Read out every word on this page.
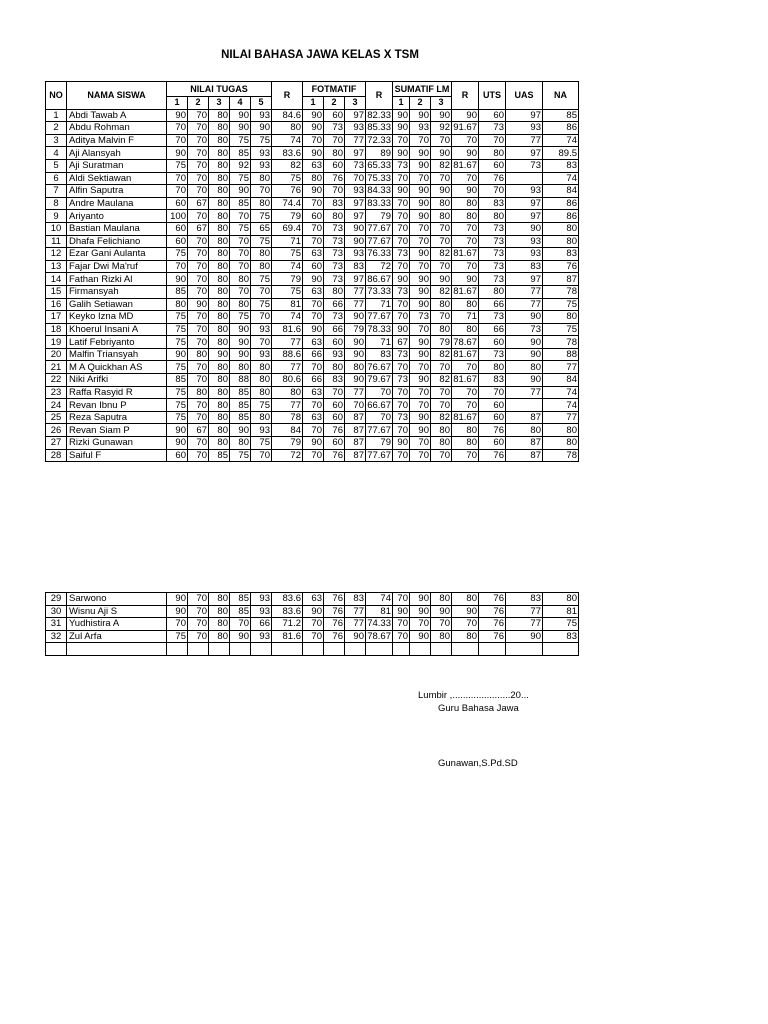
NILAI BAHASA JAWA KELAS X TSM
NO	NAMA SISWA	NILAI TUGAS					R	FOTMATIF			R	SUMATIF LM			R	UTS	UAS	NA
		1	2	3	4	5		1	2	3		1	2	3				
1	Abdi Tawab A	90	70	80	90	93	84.6	90	60	97	82.33	90	90	90	90	60	97	85
2	Abdu Rohman	70	70	80	90	90	80	90	73	93	85.33	90	93	92	91.67	73	93	86
3	Aditya Malvin F	70	70	80	75	75	74	70	70	77	72.33	70	70	70	70	70	77	74
4	Aji Alansyah	90	70	80	85	93	83.6	90	80	97	89	90	90	90	90	80	97	89.5
5	Aji Suratman	75	70	80	92	93	82	63	60	73	65.33	73	90	82	81.67	60	73	83
6	Aldi Sektiawan	70	70	80	75	80	75	80	76	70	75.33	70	70	70	70	76		74
7	Alfin Saputra	70	70	80	90	70	76	90	70	93	84.33	90	90	90	90	70	93	84
8	Andre Maulana	60	67	80	85	80	74.4	70	83	97	83.33	70	90	80	80	83	97	86
9	Ariyanto	100	70	80	70	75	79	60	80	97	79	70	90	80	80	80	97	86
10	Bastian Maulana	60	67	80	75	65	69.4	70	73	90	77.67	70	70	70	70	73	90	80
11	Dhafa Felichiano	60	70	80	70	75	71	70	73	90	77.67	70	70	70	70	73	93	80
12	Ezar Gani Aulanta	75	70	80	70	80	75	63	73	93	76.33	73	90	82	81.67	73	93	83
13	Fajar Dwi Ma'ruf	70	70	80	70	80	74	60	73	83	72	70	70	70	70	73	83	76
14	Fathan Rizki Al	90	70	80	80	75	79	90	73	97	86.67	90	90	90	90	73	97	87
15	Firmansyah	85	70	80	70	70	75	63	80	77	73.33	73	90	82	81.67	80	77	78
16	Galih Setiawan	80	90	80	80	75	81	70	66	77	71	70	90	80	80	66	77	75
17	Keyko Izna MD	75	70	80	75	70	74	70	73	90	77.67	70	73	70	71	73	90	80
18	Khoerul Insani A	75	70	80	90	93	81.6	90	66	79	78.33	90	70	80	80	66	73	75
19	Latif Febriyanto	75	70	80	90	70	77	63	60	90	71	67	90	79	78.67	60	90	78
20	Malfin Triansyah	90	80	90	90	93	88.6	66	93	90	83	73	90	82	81.67	73	90	88
21	M A Quickhan AS	75	70	80	80	80	77	70	80	80	76.67	70	70	70	70	80	80	77
22	Niki Arifki	85	70	80	88	80	80.6	66	83	90	79.67	73	90	82	81.67	83	90	84
23	Raffa Rasyid R	75	80	80	85	80	80	63	70	77	70	70	70	70	70	70	77	74
24	Revan Ibnu P	75	70	80	85	75	77	70	60	70	66.67	70	70	70	70	60		74
25	Reza Saputra	75	70	80	85	80	78	63	60	87	70	73	90	82	81.67	60	87	77
26	Revan Siam P	90	67	80	90	93	84	70	76	87	77.67	70	90	80	80	76	80	80
27	Rizki Gunawan	90	70	80	80	75	79	90	60	87	79	90	70	80	80	60	87	80
28	Saiful F	60	70	85	75	70	72	70	76	87	77.67	70	70	70	70	76	87	78
29	Sarwono	90	70	80	85	93	83.6	63	76	83	74	70	90	80	80	76	83	80
30	Wisnu Aji S	90	70	80	85	93	83.6	90	76	77	81	90	90	90	90	76	77	81
31	Yudhistira A	70	70	80	70	66	71.2	70	76	77	74.33	70	70	70	70	76	77	75
32	Zul Arfa	75	70	80	90	93	81.6	70	76	90	78.67	70	90	80	80	76	90	83

Lumbir ,......................20...
Guru Bahasa Jawa
Gunawan,S.Pd.SD
